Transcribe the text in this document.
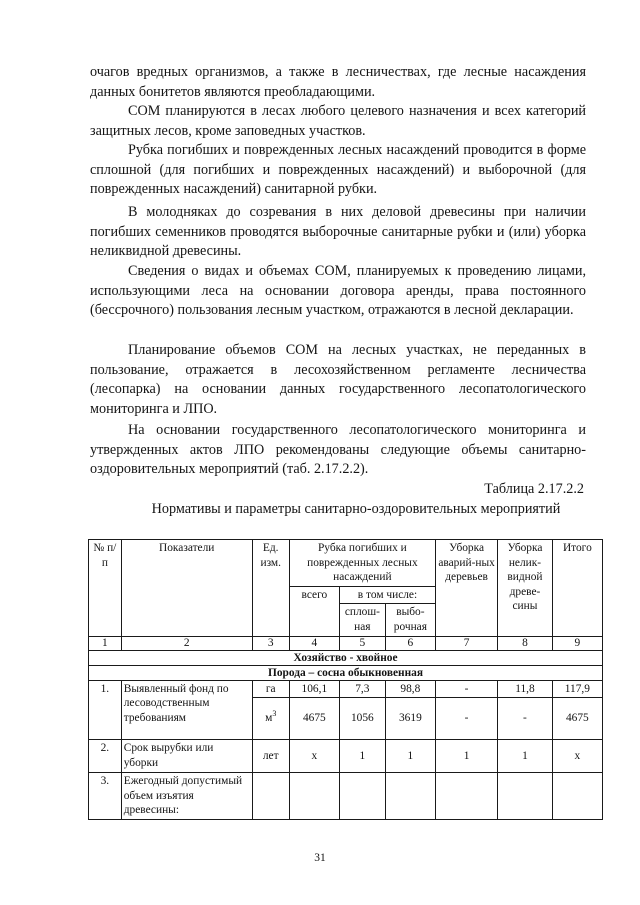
очагов вредных организмов, а также в лесничествах, где лесные насаждения данных бонитетов являются преобладающими.

СОМ планируются в лесах любого целевого назначения и всех категорий защитных лесов, кроме заповедных участков.

Рубка погибших и поврежденных лесных насаждений проводится в форме сплошной (для погибших и поврежденных насаждений) и выборочной (для поврежденных насаждений) санитарной рубки.

В молодняках до созревания в них деловой древесины при наличии погибших семенников проводятся выборочные санитарные рубки и (или) уборка неликвидной древесины.

Сведения о видах и объемах СОМ, планируемых к проведению лицами, использующими леса на основании договора аренды, права постоянного (бессрочного) пользования лесным участком, отражаются в лесной декларации.

Планирование объемов СОМ на лесных участках, не переданных в пользование, отражается в лесохозяйственном регламенте лесничества (лесопарка) на основании данных государственного лесопатологического мониторинга и ЛПО.

На основании государственного лесопатологического мониторинга и утвержденных актов ЛПО рекомендованы следующие объемы санитарно-оздоровительных мероприятий (таб. 2.17.2.2).

Таблица 2.17.2.2

Нормативы и параметры санитарно-оздоровительных мероприятий

№ п/п	Показатели	Ед. изм.	Рубка погибших и поврежденных лесных насаждений			Уборка аварий-ных деревьев	Уборка нелик-видной древе-сины	Итого
			всего	в том числе:				
				сплош-ная	выбо-рочная			
1	2	3	4	5	6	7	8	9
Хозяйство - хвойное								
Порода – сосна обыкновенная								
1.	Выявленный фонд по лесоводственным требованиям	га	106,1	7,3	98,8	-	11,8	117,9
		$м^3$	4675	1056	3619	-	-	4675
2.	Срок вырубки или уборки	лет	х	1	1	1	1	х
3.	Ежегодный допустимый объем изъятия древесины:							

31
